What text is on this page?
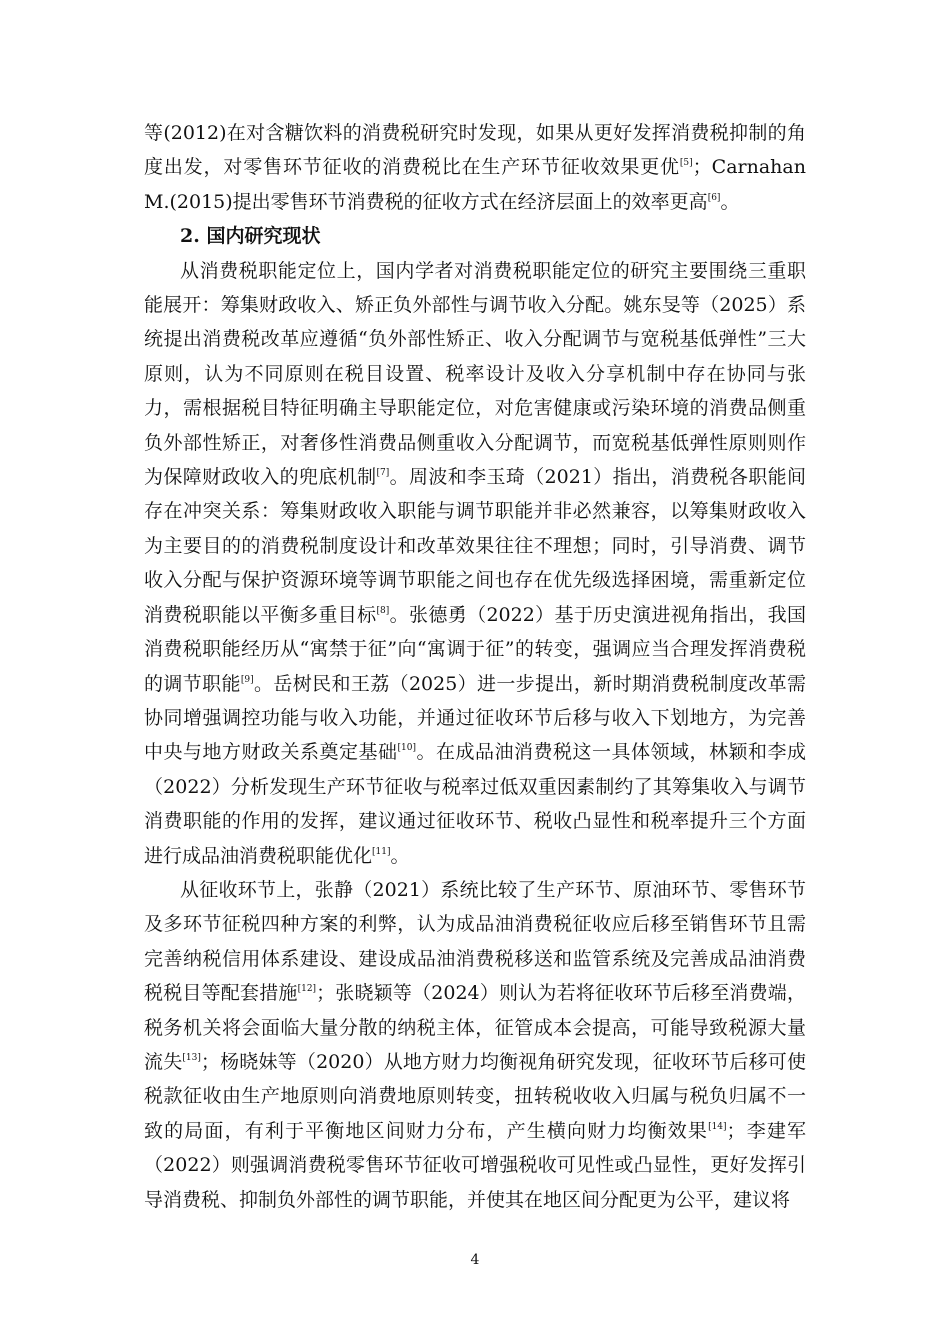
等(2012)在对含糖饮料的消费税研究时发现，如果从更好发挥消费税抑制的角度出发，对零售环节征收的消费税比在生产环节征收效果更优[5]；Carnahan M.(2015)提出零售环节消费税的征收方式在经济层面上的效率更高[6]。

2. 国内研究现状

从消费税职能定位上，国内学者对消费税职能定位的研究主要围绕三重职能展开：筹集财政收入、矫正负外部性与调节收入分配。姚东旻等（2025）系统提出消费税改革应遵循“负外部性矫正、收入分配调节与宽税基低弹性”三大原则，认为不同原则在税目设置、税率设计及收入分享机制中存在协同与张力，需根据税目特征明确主导职能定位，对危害健康或污染环境的消费品侧重负外部性矫正，对奢侈性消费品侧重收入分配调节，而宽税基低弹性原则则作为保障财政收入的兜底机制[7]。周波和李玉琦（2021）指出，消费税各职能间存在冲突关系：筹集财政收入职能与调节职能并非必然兼容，以筹集财政收入为主要目的的消费税制度设计和改革效果往往不理想；同时，引导消费、调节收入分配与保护资源环境等调节职能之间也存在优先级选择困境，需重新定位消费税职能以平衡多重目标[8]。张德勇（2022）基于历史演进视角指出，我国消费税职能经历从“寓禁于征”向“寓调于征”的转变，强调应当合理发挥消费税的调节职能[9]。岳树民和王荔（2025）进一步提出，新时期消费税制度改革需协同增强调控功能与收入功能，并通过征收环节后移与收入下划地方，为完善中央与地方财政关系奠定基础[10]。在成品油消费税这一具体领域，林颖和李成（2022）分析发现生产环节征收与税率过低双重因素制约了其筹集收入与调节消费职能的作用的发挥，建议通过征收环节、税收凸显性和税率提升三个方面进行成品油消费税职能优化[11]。

从征收环节上，张静（2021）系统比较了生产环节、原油环节、零售环节及多环节征税四种方案的利弊，认为成品油消费税征收应后移至销售环节且需完善纳税信用体系建设、建设成品油消费税移送和监管系统及完善成品油消费税税目等配套措施[12]；张晓颖等（2024）则认为若将征收环节后移至消费端，税务机关将会面临大量分散的纳税主体，征管成本会提高，可能导致税源大量流失[13]；杨晓妹等（2020）从地方财力均衡视角研究发现，征收环节后移可使税款征收由生产地原则向消费地原则转变，扭转税收收入归属与税负归属不一致的局面，有利于平衡地区间财力分布，产生横向财力均衡效果[14]；李建军（2022）则强调消费税零售环节征收可增强税收可见性或凸显性，更好发挥引导消费税、抑制负外部性的调节职能，并使其在地区间分配更为公平，建议将

4
